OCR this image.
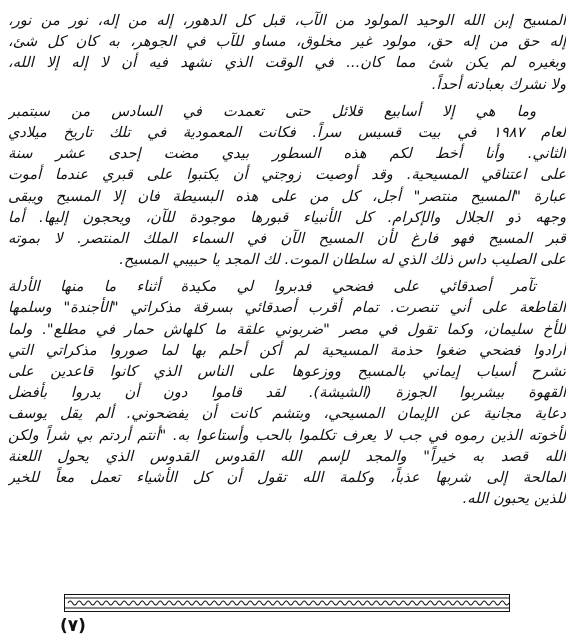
المسيح إبن الله الوحيد المولود من الآب، قبل كل الدهور، إله من إله، نور من نور،
إله حق من إله حق، مولود غير مخلوق، مساو للآب في الجوهر، به كان كل شئ،
وبغيره لم يكن شئ مما كان... في الوقت الذي نشهد فيه أن لا إله إلا الله،
ولا نشرك بعبادته أحداً.
وما هي إلا أسابيع قلائل حتى تعمدت في السادس من سبتمبر
لعام ١٩٨٧ في بيت قسيس سراً. فكانت المعمودية في تلك تاريخ ميلادي
الثاني. وأنا أخط لكم هذه السطور بيدي مضت إحدى عشر سنة
على اعتناقي المسيحية. وقد أوصيت زوجتي أن يكتبوا على قبري عندما أموت
عبارة "المسيح منتصر" أجل، كل من على هذه البسيطة فان إلا المسيح ويبقى
وجهه ذو الجلال والإكرام. كل الأنبياء قبورها موجودة للآن، ويحجون إليها. أما
قبر المسيح فهو فارغ لأن المسيح الآن في السماء الملك المنتصر. لا بموته
على الصليب داس ذلك الذي له سلطان الموت. لك المجد يا حبيبي المسيح.
تآمر أصدقائي على فضحي فدبروا لي مكيدة أثناء ما منها الأدلة
القاطعة على أني تنصرت. تمام أقرب أصدقائي بسرقة مذكراتي "الأجندة" وسلمها
للأخ سليمان، وكما تقول في مصر "ضربوني علقة ما كلهاش حمار في مطلع". ولما
أرادوا فضحي ضغوا حذمة المسيحية لم أكن أحلم بها لما صوروا مذكراتي التي
تشرح أسباب إيماني بالمسيح ووزعوها على الناس الذي كانوا قاعدين على
القهوة بيشربوا الجوزة (الشيشة). لقد قاموا دون أن يدروا بأفضل
دعاية مجانية عن الإيمان المسيحي، وبتشم كانت أن يفضحوني. ألم يقل يوسف
لأخوته الذين رموه في جب لا يعرف تكلموا بالحب وأستاعوا به. "أنتم أردتم بي شراً ولكن
الله قصد به خيراً" والمجد لإسم الله القدوس القدوس الذي يحول اللعنة
المالحة إلى شربها عذباً، وكلمة الله تقول أن كل الأشياء تعمل معاً للخير
للذين يحبون الله.
(٧)
